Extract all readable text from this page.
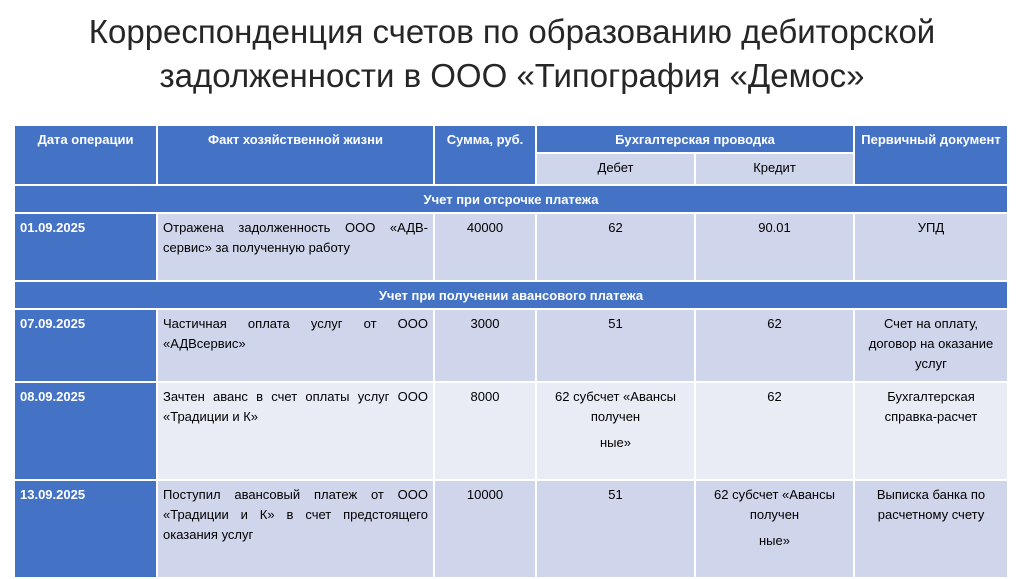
Корреспонденция счетов по образованию дебиторской задолженности в ООО «Типография «Демос»
Дата операции	Факт хозяйственной жизни	Сумма, руб.	Бухгалтерская проводка		Первичный документ
			Дебет	Кредит	
Учет при отсрочке платежа					
01.09.2025	Отражена задолженность ООО «АДВ-сервис» за полученную работу	40000	62	90.01	УПД
Учет при получении авансового платежа					
07.09.2025	Частичная оплата услуг от ООО «АДВсервис»	3000	51	62	Счет на оплату, договор на оказание услуг
08.09.2025	Зачтен аванс в счет оплаты услуг ООО «Традиции и К»	8000	62 субсчет «Авансы
получен
ные»	62	Бухгалтерская справка-расчет
13.09.2025	Поступил авансовый платеж от ООО «Традиции и К» в счет предстоящего оказания услуг	10000	51	62 субсчет «Авансы
получен
ные»	Выписка банка по расчетному счету
